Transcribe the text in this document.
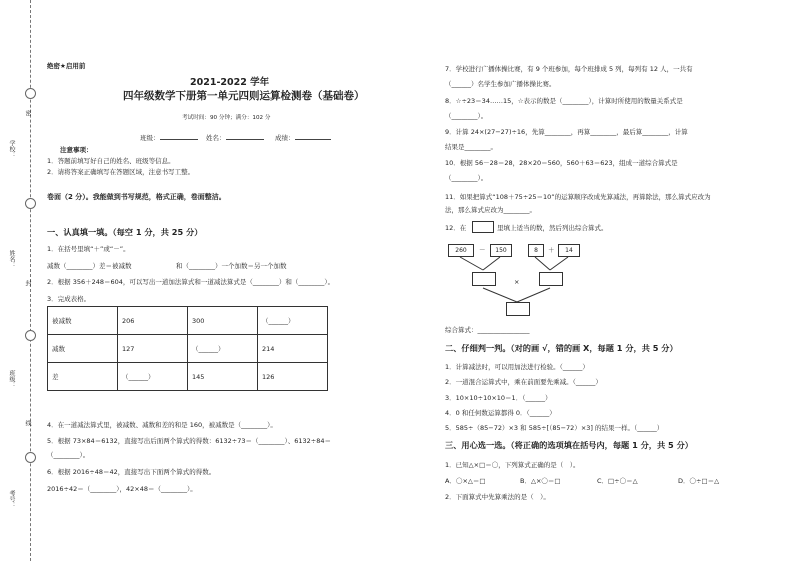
学校：
姓名：
班级：
考号：
密
封
线
绝密★启用前
2021-2022 学年
四年级数学下册第一单元四则运算检测卷（基础卷）
考试时间：90 分钟；满分：102 分
班级：	姓名：	成绩：
注意事项：
1．答题前填写好自己的姓名、班级等信息。
2．请将答案正确填写在答题区域，注意书写工整。
卷面（2 分）。我能做到书写规范，格式正确，卷面整洁。
一、认真填一填。（每空 1 分，共 25 分）
1．在括号里填“＋”或“－”。
减数（________）差＝被减数	和（________）一个加数＝另一个加数
2．根据 356＋248＝604，可以写出一道加法算式和一道减法算式是（________）和（________）。
3．完成表格。
被减数	206	300	（______）
减数	127	（______）	214
差	（______）	145	126
4．在一道减法算式里，被减数、减数和差的和是 160，被减数是（________）。
5．根据 73×84＝6132，直接写出后面两个算式的得数：6132÷73＝（________）、6132÷84＝
（________）。
6．根据 2016÷48＝42，直接写出下面两个算式的得数。
2016÷42＝（________），42×48＝（________）。
7．学校进行广播体操比赛，有 9 个班参加，每个班排成 5 列，每列有 12 人，一共有
（______）名学生参加广播体操比赛。
8．☆÷23＝34……15，☆表示的数是（________），计算时所使用的数量关系式是
（________）。
9．计算 24×(27−27)÷16，先算________，再算________，最后算________，计算
结果是________。
10．根据 56－28＝28，28×20＝560，560＋63＝623，组成一道综合算式是
（________）。
11．如果把算式“108＋75÷25＝10”的运算顺序改成先算减法，再算除法，那么算式应改为
法，那么算式应改为________。
12．在	里填上适当的数，然后列出综合算式。
260	－	150	8	＋	14
×
综合算式：________________
二、仔细判一判。（对的画 √，错的画 X，每题 1 分，共 5 分）
1．计算减法时，可以用加法进行检验。（______）
2．一道混合运算式中，乘在前面要先乘减。（______）
3．10×10÷10×10＝1．（______）
4．0 和任何数运算都得 0．（______）
5．585÷（85−72）×3 和 585÷[（85−72）×3] 的结果一样。（______）
三、用心选一选。（将正确的选项填在括号内，每题 1 分，共 5 分）
1．已知△×□＝〇，下列算式正确的是（　）。
A．〇×△＝□	B．△×〇＝□	C．□÷〇＝△	D．〇÷□＝△
2．下面算式中先算乘法的是（　）。
